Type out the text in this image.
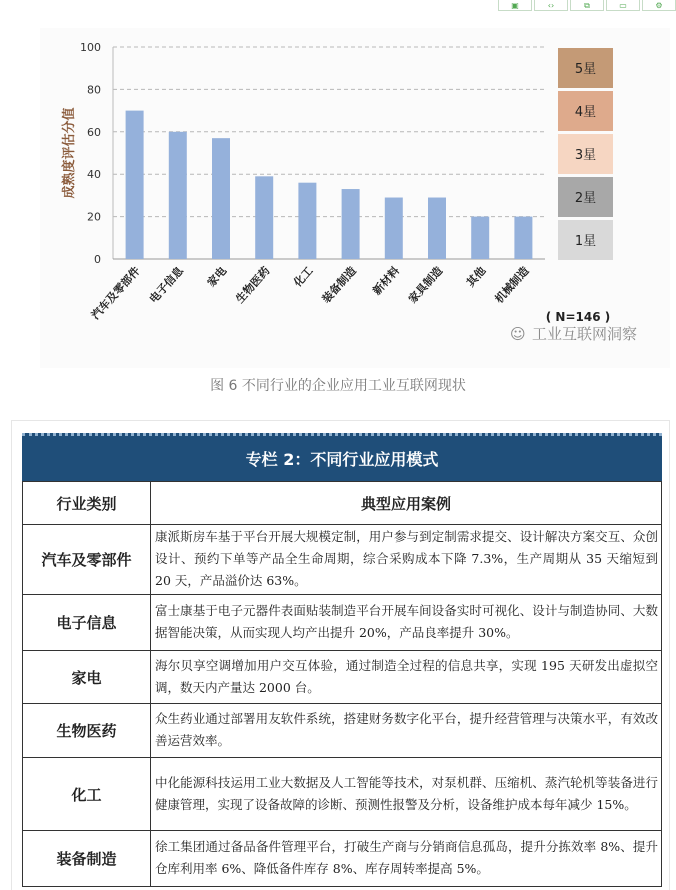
▣	‹›	⧉	▭	⚙
0
20
40
60
80
100
成熟度评估分值
汽车及零部件 电子信息 家电 生物医药 化工 装备制造 新材料 家具制造 其他 机械制造
5星
4星
3星
2星
1星
( N=146 )
☺ 工业互联网洞察
图 6 不同行业的企业应用工业互联网现状
专栏 2：不同行业应用模式
行业类别	典型应用案例
汽车及零部件	康派斯房车基于平台开展大规模定制，用户参与到定制需求提交、设计解决方案交互、众创设计、预约下单等产品全生命周期，综合采购成本下降 7.3%，生产周期从 35 天缩短到 20 天，产品溢价达 63%。
电子信息	富士康基于电子元器件表面贴装制造平台开展车间设备实时可视化、设计与制造协同、大数据智能决策，从而实现人均产出提升 20%，产品良率提升 30%。
家电	海尔贝享空调增加用户交互体验，通过制造全过程的信息共享，实现 195 天研发出虚拟空调，数天内产量达 2000 台。
生物医药	众生药业通过部署用友软件系统，搭建财务数字化平台，提升经营管理与决策水平，有效改善运营效率。
化工	中化能源科技运用工业大数据及人工智能等技术，对泵机群、压缩机、蒸汽轮机等装备进行健康管理，实现了设备故障的诊断、预测性报警及分析，设备维护成本每年减少 15%。
装备制造	徐工集团通过备品备件管理平台，打破生产商与分销商信息孤岛，提升分拣效率 8%、提升仓库利用率 6%、降低备件库存 8%、库存周转率提高 5%。
